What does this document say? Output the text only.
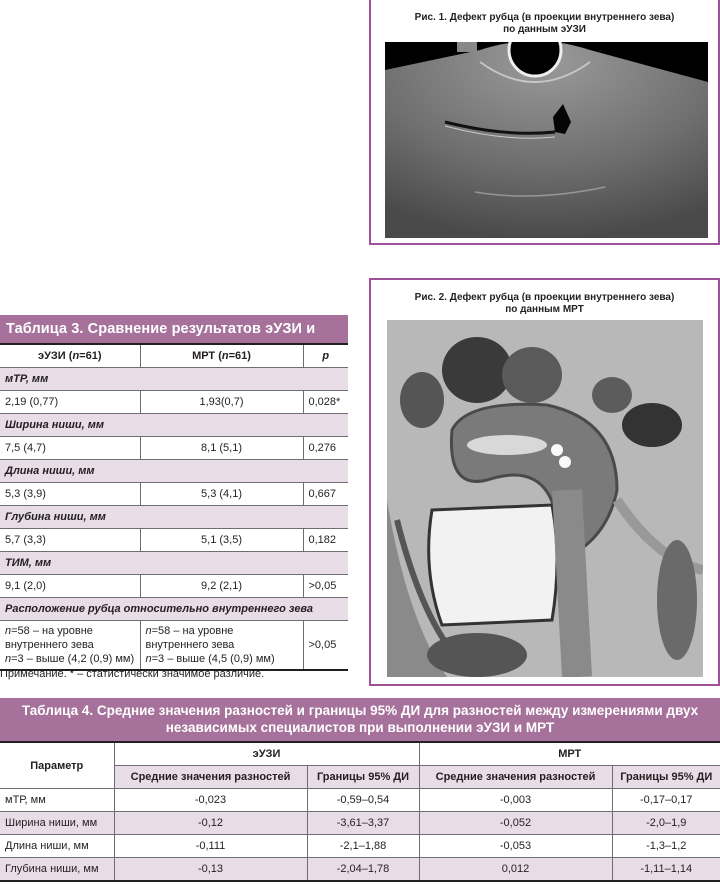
Рис. 1. Дефект рубца (в проекции внутреннего зева)
по данным эУЗИ
Рис. 2. Дефект рубца (в проекции внутреннего зева)
по данным МРТ
Таблица 3. Сравнение результатов эУЗИ и МРТ эУЗИ (n=61)	МРТ (n=61)	p
мТР, мм		
2,19 (0,77)	1,93(0,7)	0,028*
Ширина ниши, мм		
7,5 (4,7)	8,1 (5,1)	0,276
Длина ниши, мм		
5,3 (3,9)	5,3 (4,1)	0,667
Глубина ниши, мм		
5,7 (3,3)	5,1 (3,5)	0,182
ТИМ, мм		
9,1 (2,0)	9,2 (2,1)	>0,05
Расположение рубца относительно внутреннего зева		
n=58 – на уровне
внутреннего зева
n=3 – выше (4,2 (0,9) мм)	n=58 – на уровне
внутреннего зева
n=3 – выше (4,5 (0,9) мм)	>0,05
Примечание. * – статистически значимое различие.
Таблица 4. Средние значения разностей и границы 95% ДИ для разностей между измерениями двух
независимых специалистов при выполнении эУЗИ и МРТ
Параметр	эУЗИ		МРТ	
	Средние значения разностей	Границы 95% ДИ	Средние значения разностей	Границы 95% ДИ
мТР, мм	-0,023	-0,59–0,54	-0,003	-0,17–0,17
Ширина ниши, мм	-0,12	-3,61–3,37	-0,052	-2,0–1,9
Длина ниши, мм	-0,111	-2,1–1,88	-0,053	-1,3–1,2
Глубина ниши, мм	-0,13	-2,04–1,78	0,012	-1,11–1,14
